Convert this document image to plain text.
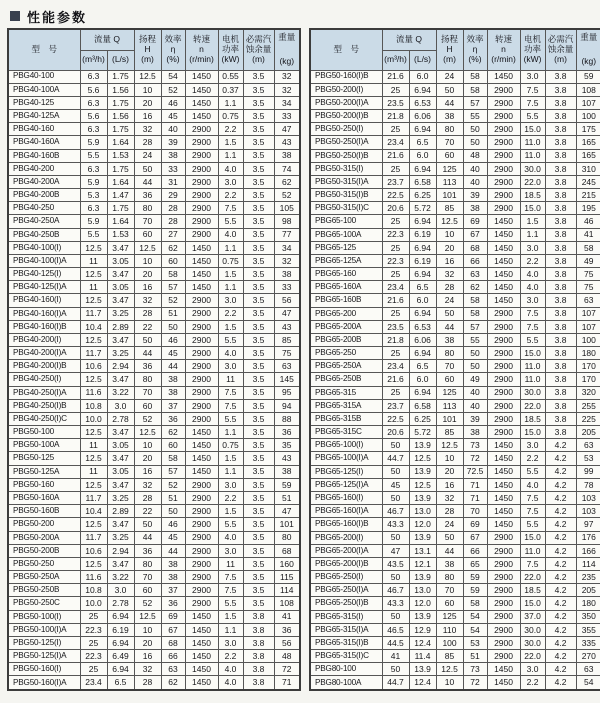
性能参数
型　号	流量 Q		扬程
H
(m)	效率
η
(%)	转速
n
(r/min)	电机
功率
(kW)	必需汽
蚀余量
(m)	重量
(kg)

	(m³/h)	(L/s)						
PBG40-100	6.3	1.75	12.5	54	1450	0.55	3.5	32
PBG40-100A	5.6	1.56	10	52	1450	0.37	3.5	32
PBG40-125	6.3	1.75	20	46	1450	1.1	3.5	34
PBG40-125A	5.6	1.56	16	45	1450	0.75	3.5	33
PBG40-160	6.3	1.75	32	40	2900	2.2	3.5	47
PBG40-160A	5.9	1.64	28	39	2900	1.5	3.5	43
PBG40-160B	5.5	1.53	24	38	2900	1.1	3.5	38
PBG40-200	6.3	1.75	50	33	2900	4.0	3.5	74
PBG40-200A	5.9	1.64	44	31	2900	3.0	3.5	62
PBG40-200B	5.3	1.47	36	29	2900	2.2	3.5	52
PBG40-250	6.3	1.75	80	28	2900	7.5	3.5	105
PBG40-250A	5.9	1.64	70	28	2900	5.5	3.5	98
PBG40-250B	5.5	1.53	60	27	2900	4.0	3.5	77
PBG40-100(I)	12.5	3.47	12.5	62	1450	1.1	3.5	34
PBG40-100(I)A	11	3.05	10	60	1450	0.75	3.5	32
PBG40-125(I)	12.5	3.47	20	58	1450	1.5	3.5	38
PBG40-125(I)A	11	3.05	16	57	1450	1.1	3.5	33
PBG40-160(I)	12.5	3.47	32	52	2900	3.0	3.5	56
PBG40-160(I)A	11.7	3.25	28	51	2900	2.2	3.5	47
PBG40-160(I)B	10.4	2.89	22	50	2900	1.5	3.5	43
PBG40-200(I)	12.5	3.47	50	46	2900	5.5	3.5	85
PBG40-200(I)A	11.7	3.25	44	45	2900	4.0	3.5	75
PBG40-200(I)B	10.6	2.94	36	44	2900	3.0	3.5	63
PBG40-250(I)	12.5	3.47	80	38	2900	11	3.5	145
PBG40-250(I)A	11.6	3.22	70	38	2900	7.5	3.5	95
PBG40-250(I)B	10.8	3.0	60	37	2900	7.5	3.5	94
PBG40-250(I)C	10.0	2.78	52	36	2900	5.5	3.5	88
PBG50-100	12.5	3.47	12.5	62	1450	1.1	3.5	36
PBG50-100A	11	3.05	10	60	1450	0.75	3.5	35
PBG50-125	12.5	3.47	20	58	1450	1.5	3.5	43
PBG50-125A	11	3.05	16	57	1450	1.1	3.5	38
PBG50-160	12.5	3.47	32	52	2900	3.0	3.5	59
PBG50-160A	11.7	3.25	28	51	2900	2.2	3.5	51
PBG50-160B	10.4	2.89	22	50	2900	1.5	3.5	47
PBG50-200	12.5	3.47	50	46	2900	5.5	3.5	101
PBG50-200A	11.7	3.25	44	45	2900	4.0	3.5	80
PBG50-200B	10.6	2.94	36	44	2900	3.0	3.5	68
PBG50-250	12.5	3.47	80	38	2900	11	3.5	160
PBG50-250A	11.6	3.22	70	38	2900	7.5	3.5	115
PBG50-250B	10.8	3.0	60	37	2900	7.5	3.5	114
PBG50-250C	10.0	2.78	52	36	2900	5.5	3.5	108
PBG50-100(I)	25	6.94	12.5	69	1450	1.5	3.8	41
PBG50-100(I)A	22.3	6.19	10	67	1450	1.1	3.8	36
PBG50-125(I)	25	6.94	20	68	1450	3.0	3.8	56
PBG50-125(I)A	22.3	6.49	16	66	1450	2.2	3.8	48
PBG50-160(I)	25	6.94	32	63	1450	4.0	3.8	72
PBG50-160(I)A	23.4	6.5	28	62	1450	4.0	3.8	71
型　号	流量 Q		扬程
H
(m)	效率
η
(%)	转速
n
(r/min)	电机
功率
(kW)	必需汽
蚀余量
(m)	重量
(kg)

	(m³/h)	(L/s)						
PBG50-160(I)B	21.6	6.0	24	58	1450	3.0	3.8	59
PBG50-200(I)	25	6.94	50	58	2900	7.5	3.8	108
PBG50-200(I)A	23.5	6.53	44	57	2900	7.5	3.8	107
PBG50-200(I)B	21.8	6.06	38	55	2900	5.5	3.8	100
PBG50-250(I)	25	6.94	80	50	2900	15.0	3.8	175
PBG50-250(I)A	23.4	6.5	70	50	2900	11.0	3.8	165
PBG50-250(I)B	21.6	6.0	60	48	2900	11.0	3.8	165
PBG50-315(I)	25	6.94	125	40	2900	30.0	3.8	310
PBG50-315(I)A	23.7	6.58	113	40	2900	22.0	3.8	245
PBG50-315(I)B	22.5	6.25	101	39	2900	18.5	3.8	215
PBG50-315(I)C	20.6	5.72	85	38	2900	15.0	3.8	195
PBG65-100	25	6.94	12.5	69	1450	1.5	3.8	46
PBG65-100A	22.3	6.19	10	67	1450	1.1	3.8	41
PBG65-125	25	6.94	20	68	1450	3.0	3.8	58
PBG65-125A	22.3	6.19	16	66	1450	2.2	3.8	49
PBG65-160	25	6.94	32	63	1450	4.0	3.8	75
PBG65-160A	23.4	6.5	28	62	1450	4.0	3.8	75
PBG65-160B	21.6	6.0	24	58	1450	3.0	3.8	63
PBG65-200	25	6.94	50	58	2900	7.5	3.8	107
PBG65-200A	23.5	6.53	44	57	2900	7.5	3.8	107
PBG65-200B	21.8	6.06	38	55	2900	5.5	3.8	100
PBG65-250	25	6.94	80	50	2900	15.0	3.8	180
PBG65-250A	23.4	6.5	70	50	2900	11.0	3.8	170
PBG65-250B	21.6	6.0	60	49	2900	11.0	3.8	170
PBG65-315	25	6.94	125	40	2900	30.0	3.8	320
PBG65-315A	23.7	6.58	113	40	2900	22.0	3.8	255
PBG65-315B	22.5	6.25	101	39	2900	18.5	3.8	225
PBG65-315C	20.6	5.72	85	38	2900	15.0	3.8	205
PBG65-100(I)	50	13.9	12.5	73	1450	3.0	4.2	63
PBG65-100(I)A	44.7	12.5	10	72	1450	2.2	4.2	53
PBG65-125(I)	50	13.9	20	72.5	1450	5.5	4.2	99
PBG65-125(I)A	45	12.5	16	71	1450	4.0	4.2	78
PBG65-160(I)	50	13.9	32	71	1450	7.5	4.2	103
PBG65-160(I)A	46.7	13.0	28	70	1450	7.5	4.2	103
PBG65-160(I)B	43.3	12.0	24	69	1450	5.5	4.2	97
PBG65-200(I)	50	13.9	50	67	2900	15.0	4.2	176
PBG65-200(I)A	47	13.1	44	66	2900	11.0	4.2	166
PBG65-200(I)B	43.5	12.1	38	65	2900	7.5	4.2	114
PBG65-250(I)	50	13.9	80	59	2900	22.0	4.2	235
PBG65-250(I)A	46.7	13.0	70	59	2900	18.5	4.2	205
PBG65-250(I)B	43.3	12.0	60	58	2900	15.0	4.2	180
PBG65-315(I)	50	13.9	125	54	2900	37.0	4.2	350
PBG65-315(I)A	46.5	12.9	110	54	2900	30.0	4.2	355
PBG65-315(I)B	44.5	12.4	100	53	2900	30.0	4.2	335
PBG65-315(I)C	41	11.4	85	51	2900	22.0	4.2	270
PBG80-100	50	13.9	12.5	73	1450	3.0	4.2	63
PBG80-100A	44.7	12.4	10	72	1450	2.2	4.2	54
